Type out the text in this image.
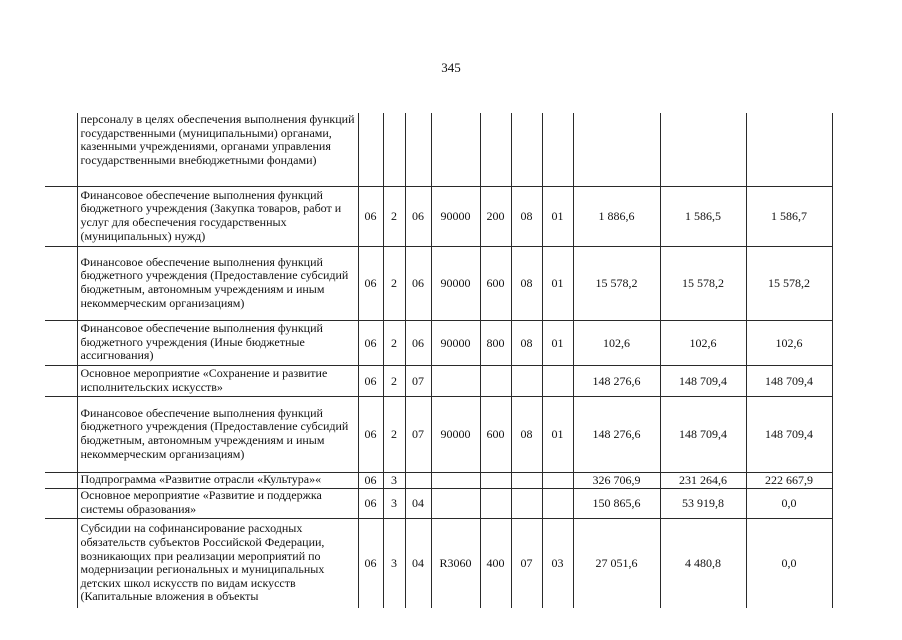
345
	персоналу в целях обеспечения выполнения функций государственными (муниципальными) органами, казенными учреждениями, органами управления государственными внебюджетными фондами)										
	Финансовое обеспечение выполнения функций бюджетного учреждения (Закупка товаров, работ и услуг для обеспечения государственных (муниципальных) нужд)	06	2	06	90000	200	08	01	1 886,6	1 586,5	1 586,7
	Финансовое обеспечение выполнения функций бюджетного учреждения (Предоставление субсидий бюджетным, автономным учреждениям и иным некоммерческим организациям)	06	2	06	90000	600	08	01	15 578,2	15 578,2	15 578,2
	Финансовое обеспечение выполнения функций бюджетного учреждения (Иные бюджетные ассигнования)	06	2	06	90000	800	08	01	102,6	102,6	102,6
	Основное мероприятие «Сохранение и развитие исполнительских искусств»	06	2	07					148 276,6	148 709,4	148 709,4
	Финансовое обеспечение выполнения функций бюджетного учреждения (Предоставление субсидий бюджетным, автономным учреждениям и иным некоммерческим организациям)	06	2	07	90000	600	08	01	148 276,6	148 709,4	148 709,4
	Подпрограмма «Развитие отрасли «Культура»«	06	3						326 706,9	231 264,6	222 667,9
	Основное мероприятие «Развитие и поддержка системы образования»	06	3	04					150 865,6	53 919,8	0,0
	Субсидии на софинансирование расходных обязательств субъектов Российской Федерации, возникающих при реализации мероприятий по модернизации региональных и муниципальных детских школ искусств по видам искусств (Капитальные вложения в объекты	06	3	04	R3060	400	07	03	27 051,6	4 480,8	0,0
